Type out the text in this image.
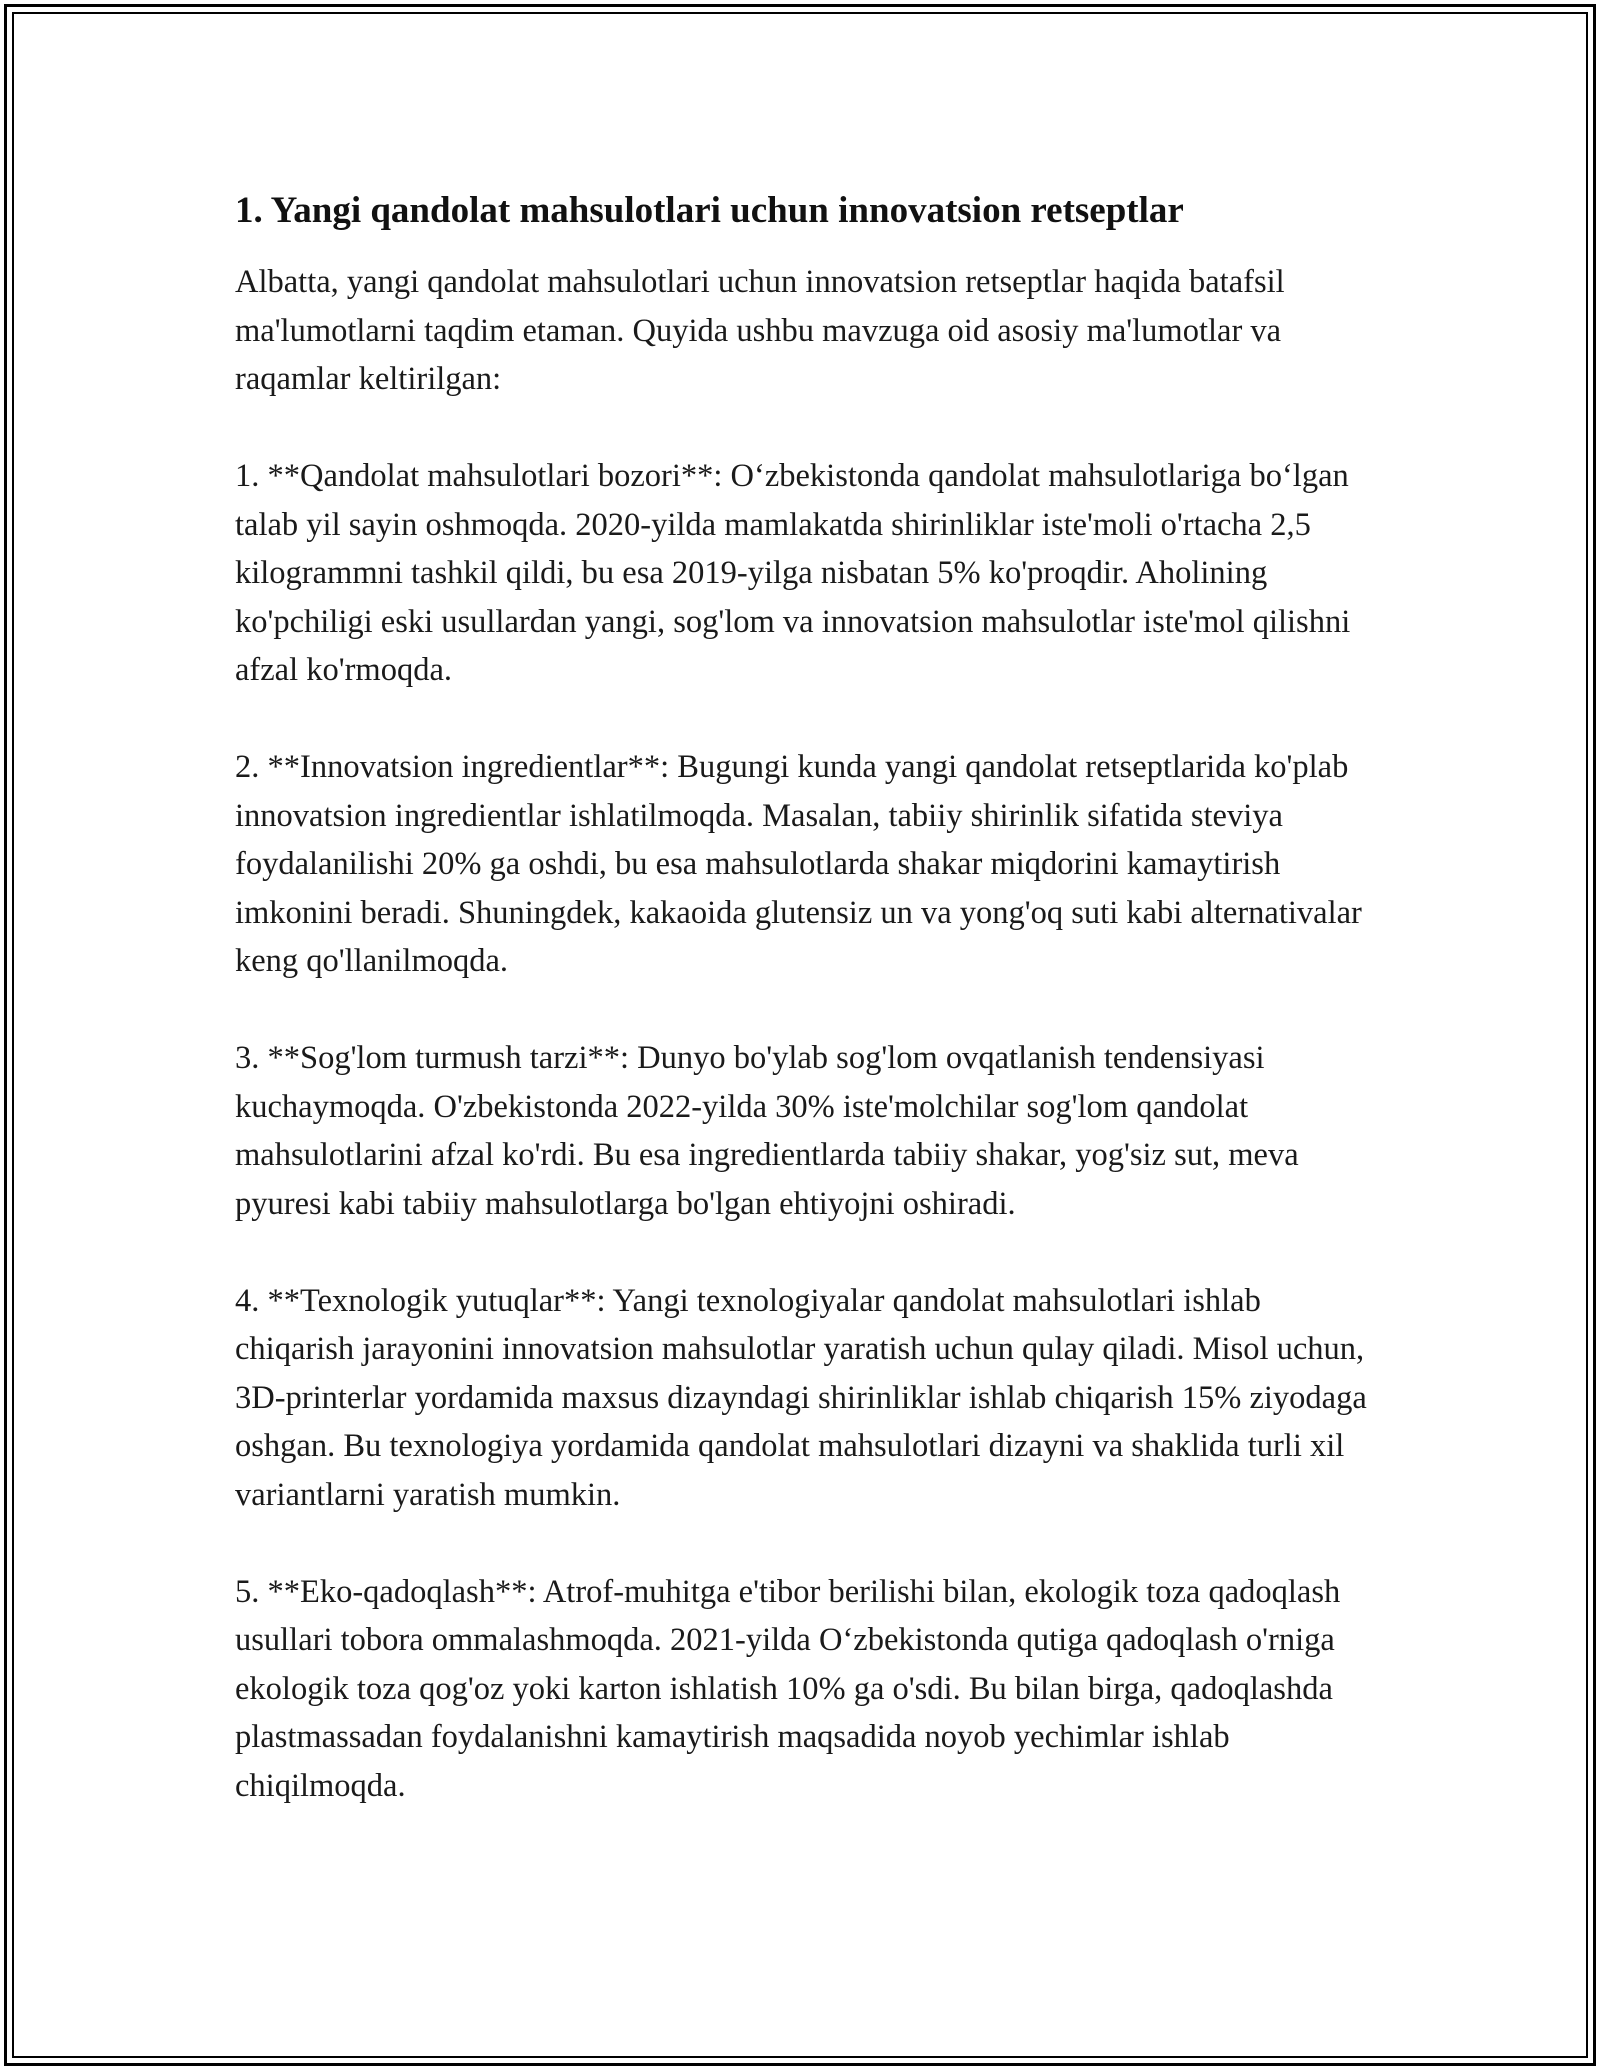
1. Yangi qandolat mahsulotlari uchun innovatsion retseptlar

Albatta, yangi qandolat mahsulotlari uchun innovatsion retseptlar haqida batafsil ma'lumotlarni taqdim etaman. Quyida ushbu mavzuga oid asosiy ma'lumotlar va raqamlar keltirilgan:

1. **Qandolat mahsulotlari bozori**: O‘zbekistonda qandolat mahsulotlariga bo‘lgan talab yil sayin oshmoqda. 2020-yilda mamlakatda shirinliklar iste'moli o'rtacha 2,5 kilogrammni tashkil qildi, bu esa 2019-yilga nisbatan 5% ko'proqdir. Aholining ko'pchiligi eski usullardan yangi, sog'lom va innovatsion mahsulotlar iste'mol qilishni afzal ko'rmoqda.

2. **Innovatsion ingredientlar**: Bugungi kunda yangi qandolat retseptlarida ko'plab innovatsion ingredientlar ishlatilmoqda. Masalan, tabiiy shirinlik sifatida steviya foydalanilishi 20% ga oshdi, bu esa mahsulotlarda shakar miqdorini kamaytirish imkonini beradi. Shuningdek, kakaoida glutensiz un va yong'oq suti kabi alternativalar keng qo'llanilmoqda.

3. **Sog'lom turmush tarzi**: Dunyo bo'ylab sog'lom ovqatlanish tendensiyasi kuchaymoqda. O'zbekistonda 2022-yilda 30% iste'molchilar sog'lom qandolat mahsulotlarini afzal ko'rdi. Bu esa ingredientlarda tabiiy shakar, yog'siz sut, meva pyuresi kabi tabiiy mahsulotlarga bo'lgan ehtiyojni oshiradi.

4. **Texnologik yutuqlar**: Yangi texnologiyalar qandolat mahsulotlari ishlab chiqarish jarayonini innovatsion mahsulotlar yaratish uchun qulay qiladi. Misol uchun, 3D-printerlar yordamida maxsus dizayndagi shirinliklar ishlab chiqarish 15% ziyodaga oshgan. Bu texnologiya yordamida qandolat mahsulotlari dizayni va shaklida turli xil variantlarni yaratish mumkin.

5. **Eko-qadoqlash**: Atrof-muhitga e'tibor berilishi bilan, ekologik toza qadoqlash usullari tobora ommalashmoqda. 2021-yilda O‘zbekistonda qutiga qadoqlash o'rniga ekologik toza qog'oz yoki karton ishlatish 10% ga o'sdi. Bu bilan birga, qadoqlashda plastmassadan foydalanishni kamaytirish maqsadida noyob yechimlar ishlab chiqilmoqda.
